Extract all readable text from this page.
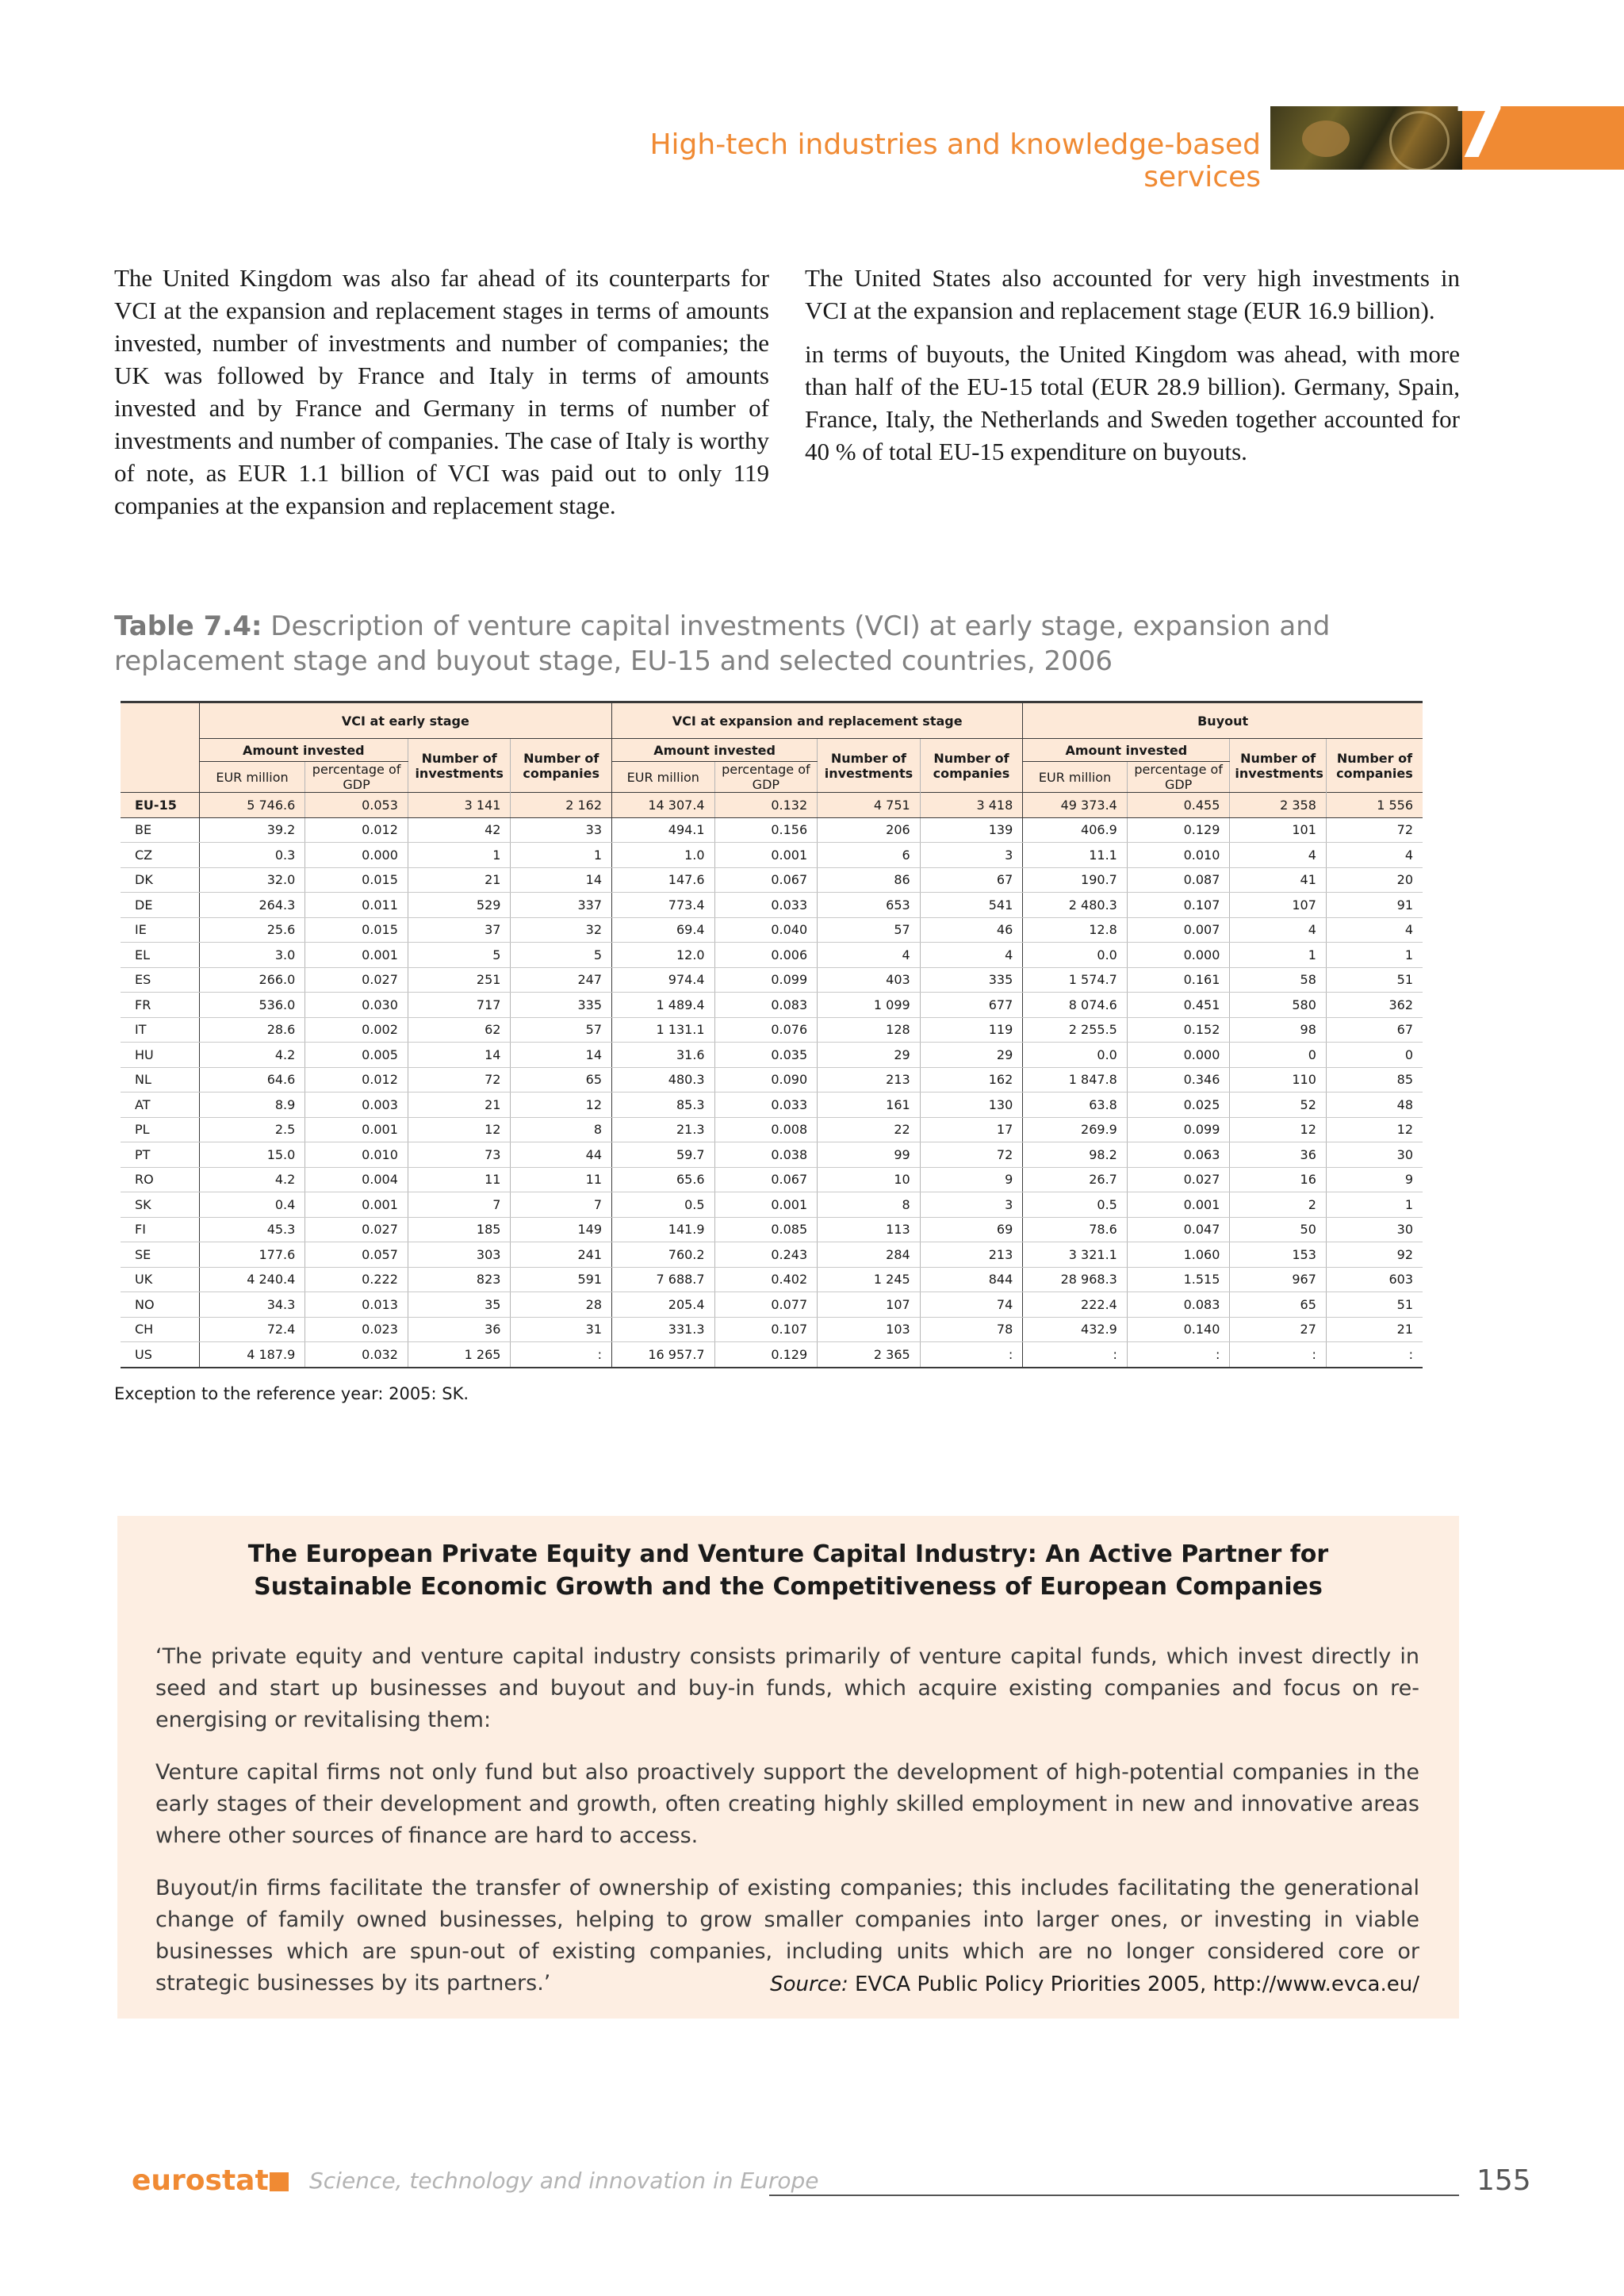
High-tech industries and knowledge-based services
7

The United Kingdom was also far ahead of its counterparts for VCI at the expansion and replacement stages in terms of amounts invested, number of investments and number of companies; the UK was followed by France and Italy in terms of amounts invested and by France and Germany in terms of number of investments and number of companies. The case of Italy is worthy of note, as EUR 1.1 billion of VCI was paid out to only 119 companies at the expansion and replacement stage.

The United States also accounted for very high investments in VCI at the expansion and replacement stage (EUR 16.9 billion).

in terms of buyouts, the United Kingdom was ahead, with more than half of the EU-15 total (EUR 28.9 billion). Germany, Spain, France, Italy, the Netherlands and Sweden together accounted for 40 % of total EU-15 expenditure on buyouts.

Table 7.4: Description of venture capital investments (VCI) at early stage, expansion and replacement stage and buyout stage, EU-15 and selected countries, 2006
	VCI at early stage				VCI at expansion and replacement stage				Buyout			
	Amount invested		Number of investments	Number of companies	Amount invested		Number of investments	Number of companies	Amount invested		Number of investments	Number of companies
	EUR million	percentage of GDP			EUR million	percentage of GDP			EUR million	percentage of GDP		
EU-15	5 746.6	0.053	3 141	2 162	14 307.4	0.132	4 751	3 418	49 373.4	0.455	2 358	1 556
BE	39.2	0.012	42	33	494.1	0.156	206	139	406.9	0.129	101	72
CZ	0.3	0.000	1	1	1.0	0.001	6	3	11.1	0.010	4	4
DK	32.0	0.015	21	14	147.6	0.067	86	67	190.7	0.087	41	20
DE	264.3	0.011	529	337	773.4	0.033	653	541	2 480.3	0.107	107	91
IE	25.6	0.015	37	32	69.4	0.040	57	46	12.8	0.007	4	4
EL	3.0	0.001	5	5	12.0	0.006	4	4	0.0	0.000	1	1
ES	266.0	0.027	251	247	974.4	0.099	403	335	1 574.7	0.161	58	51
FR	536.0	0.030	717	335	1 489.4	0.083	1 099	677	8 074.6	0.451	580	362
IT	28.6	0.002	62	57	1 131.1	0.076	128	119	2 255.5	0.152	98	67
HU	4.2	0.005	14	14	31.6	0.035	29	29	0.0	0.000	0	0
NL	64.6	0.012	72	65	480.3	0.090	213	162	1 847.8	0.346	110	85
AT	8.9	0.003	21	12	85.3	0.033	161	130	63.8	0.025	52	48
PL	2.5	0.001	12	8	21.3	0.008	22	17	269.9	0.099	12	12
PT	15.0	0.010	73	44	59.7	0.038	99	72	98.2	0.063	36	30
RO	4.2	0.004	11	11	65.6	0.067	10	9	26.7	0.027	16	9
SK	0.4	0.001	7	7	0.5	0.001	8	3	0.5	0.001	2	1
FI	45.3	0.027	185	149	141.9	0.085	113	69	78.6	0.047	50	30
SE	177.6	0.057	303	241	760.2	0.243	284	213	3 321.1	1.060	153	92
UK	4 240.4	0.222	823	591	7 688.7	0.402	1 245	844	28 968.3	1.515	967	603
NO	34.3	0.013	35	28	205.4	0.077	107	74	222.4	0.083	65	51
CH	72.4	0.023	36	31	331.3	0.107	103	78	432.9	0.140	27	21
US	4 187.9	0.032	1 265	:	16 957.7	0.129	2 365	:	:	:	:	:
Exception to the reference year: 2005: SK.
The European Private Equity and Venture Capital Industry: An Active Partner for Sustainable Economic Growth and the Competitiveness of European Companies

‘The private equity and venture capital industry consists primarily of venture capital funds, which invest directly in seed and start up businesses and buyout and buy-in funds, which acquire existing companies and focus on re-energising or revitalising them:

Venture capital firms not only fund but also proactively support the development of high-potential companies in the early stages of their development and growth, often creating highly skilled employment in new and innovative areas where other sources of finance are hard to access.

Buyout/in firms facilitate the transfer of ownership of existing companies; this includes facilitating the generational change of family owned businesses, helping to grow smaller companies into larger ones, or investing in viable businesses which are spun-out of existing companies, including units which are no longer considered core or strategic businesses by its partners.’	Source: EVCA Public Policy Priorities 2005, http://www.evca.eu/
eurostat Science, technology and innovation in Europe	155
